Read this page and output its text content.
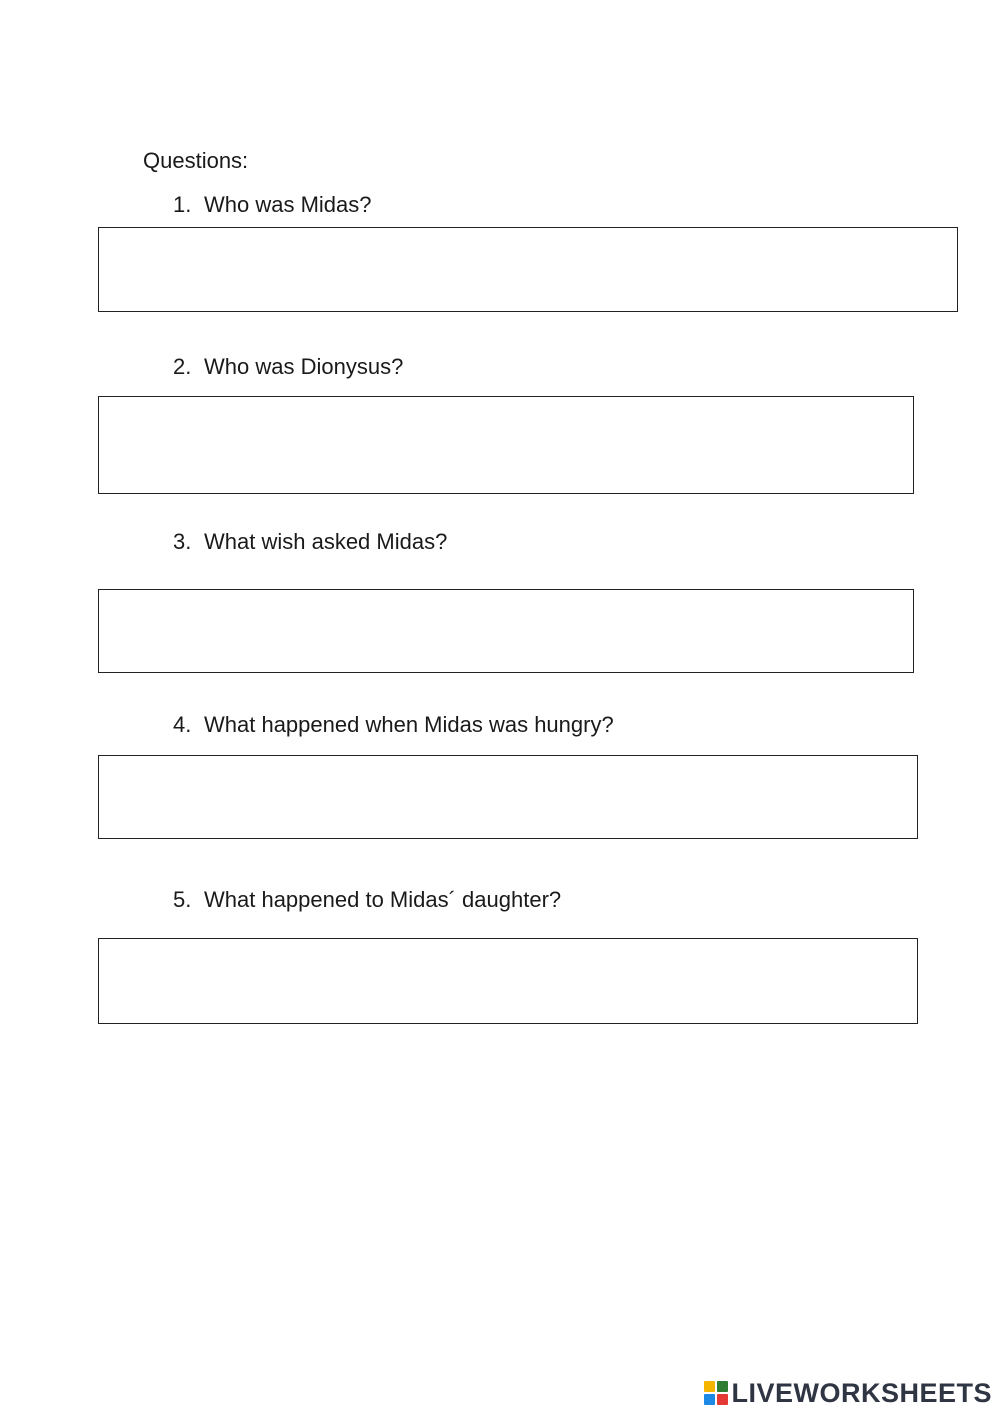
Questions:
1. Who was Midas?
2. Who was Dionysus?
3. What wish asked Midas?
4. What happened when Midas was hungry?
5. What happened to Midas´ daughter?
LIVEWORKSHEETS
